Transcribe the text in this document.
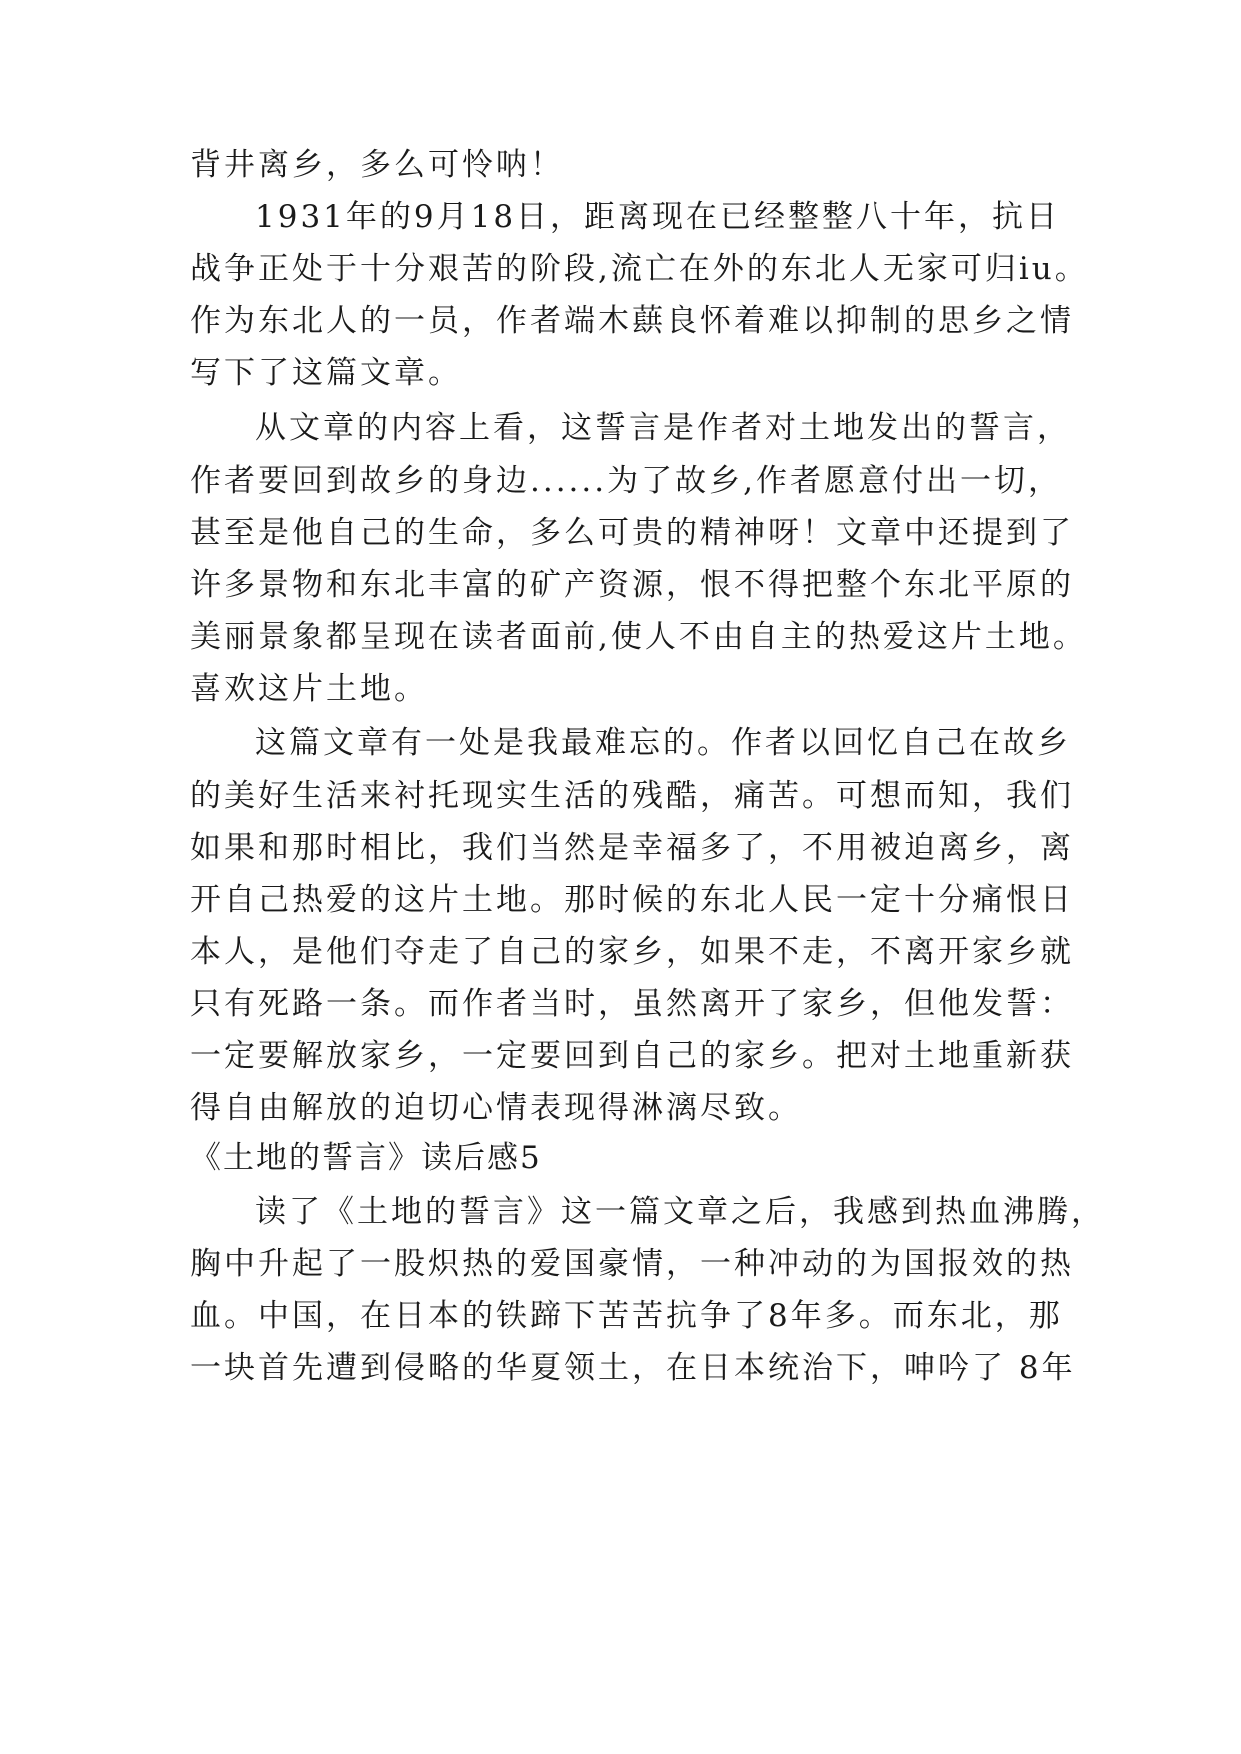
背井离乡，多么可怜呐！
1931年的9月18日，距离现在已经整整八十年，抗日
战争正处于十分艰苦的阶段,流亡在外的东北人无家可归iu。
作为东北人的一员，作者端木蕻良怀着难以抑制的思乡之情
写下了这篇文章。
从文章的内容上看，这誓言是作者对土地发出的誓言，
作者要回到故乡的身边......为了故乡,作者愿意付出一切，
甚至是他自己的生命，多么可贵的精神呀！文章中还提到了
许多景物和东北丰富的矿产资源，恨不得把整个东北平原的
美丽景象都呈现在读者面前,使人不由自主的热爱这片土地。
喜欢这片土地。
这篇文章有一处是我最难忘的。作者以回忆自己在故乡
的美好生活来衬托现实生活的残酷，痛苦。可想而知，我们
如果和那时相比，我们当然是幸福多了，不用被迫离乡，离
开自己热爱的这片土地。那时候的东北人民一定十分痛恨日
本人，是他们夺走了自己的家乡，如果不走，不离开家乡就
只有死路一条。而作者当时，虽然离开了家乡，但他发誓：
一定要解放家乡，一定要回到自己的家乡。把对土地重新获
得自由解放的迫切心情表现得淋漓尽致。
《土地的誓言》读后感5
读了《土地的誓言》这一篇文章之后，我感到热血沸腾，
胸中升起了一股炽热的爱国豪情，一种冲动的为国报效的热
血。中国，在日本的铁蹄下苦苦抗争了8年多。而东北，那
一块首先遭到侵略的华夏领土，在日本统治下，呻吟了 8年
